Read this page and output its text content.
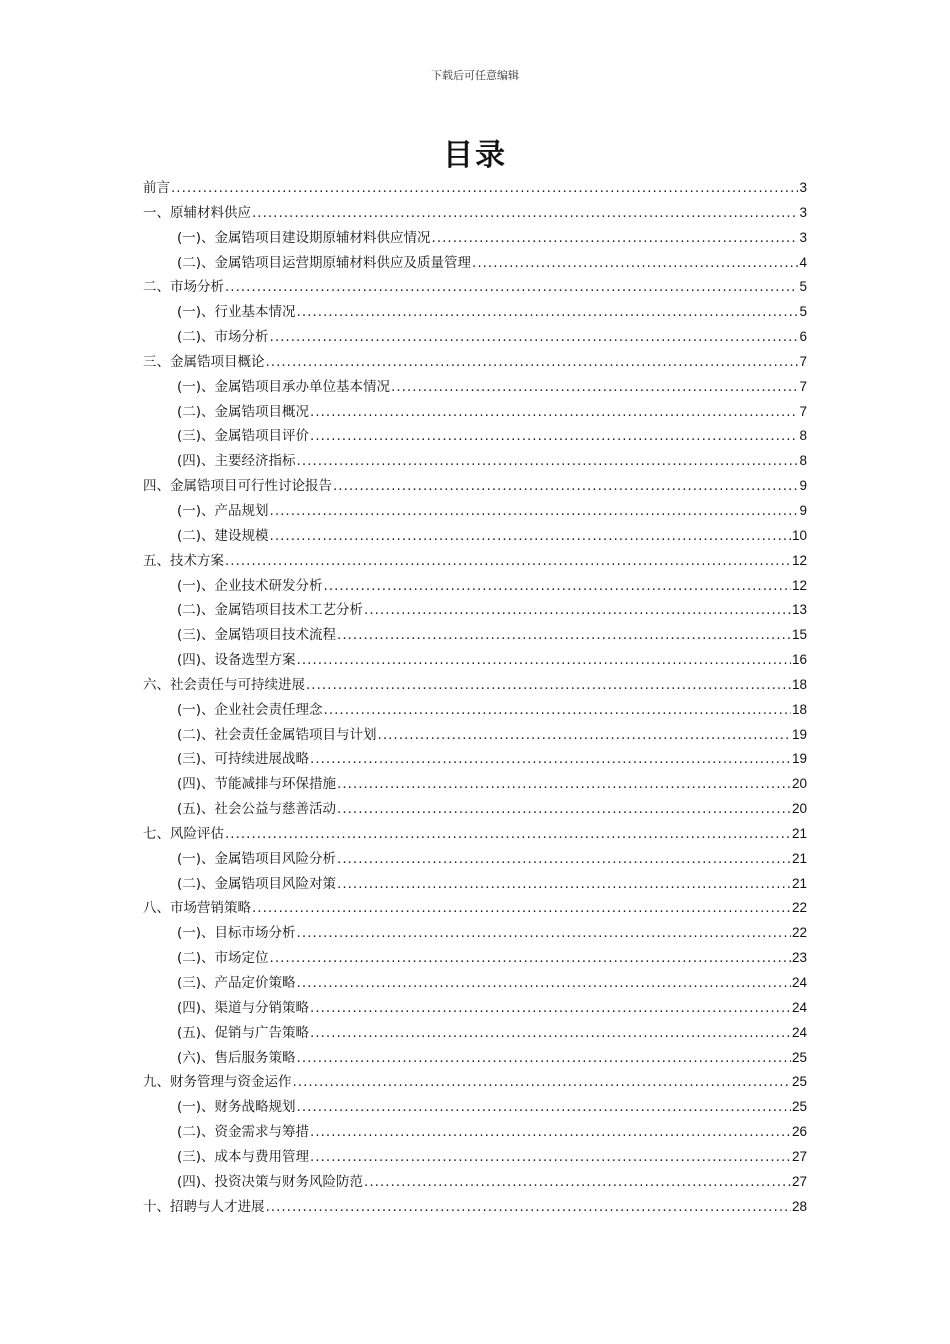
下载后可任意编辑
目录
前言 .....	3
一、原辅材料供应 .....	3
(一)、金属锆项目建设期原辅材料供应情况 .....	3
(二)、金属锆项目运营期原辅材料供应及质量管理 .....	4
二、市场分析 .....	5
(一)、行业基本情况 .....	5
(二)、市场分析 .....	6
三、金属锆项目概论 .....	7
(一)、金属锆项目承办单位基本情况 .....	7
(二)、金属锆项目概况 .....	7
(三)、金属锆项目评价 .....	8
(四)、主要经济指标 .....	8
四、金属锆项目可行性讨论报告 .....	9
(一)、产品规划 .....	9
(二)、建设规模 .....	10
五、技术方案 .....	12
(一)、企业技术研发分析 .....	12
(二)、金属锆项目技术工艺分析 .....	13
(三)、金属锆项目技术流程 .....	15
(四)、设备选型方案 .....	16
六、社会责任与可持续进展 .....	18
(一)、企业社会责任理念 .....	18
(二)、社会责任金属锆项目与计划 .....	19
(三)、可持续进展战略 .....	19
(四)、节能减排与环保措施 .....	20
(五)、社会公益与慈善活动 .....	20
七、风险评估 .....	21
(一)、金属锆项目风险分析 .....	21
(二)、金属锆项目风险对策 .....	21
八、市场营销策略 .....	22
(一)、目标市场分析 .....	22
(二)、市场定位 .....	23
(三)、产品定价策略 .....	24
(四)、渠道与分销策略 .....	24
(五)、促销与广告策略 .....	24
(六)、售后服务策略 .....	25
九、财务管理与资金运作 .....	25
(一)、财务战略规划 .....	25
(二)、资金需求与筹措 .....	26
(三)、成本与费用管理 .....	27
(四)、投资决策与财务风险防范 .....	27
十、招聘与人才进展 .....	28
